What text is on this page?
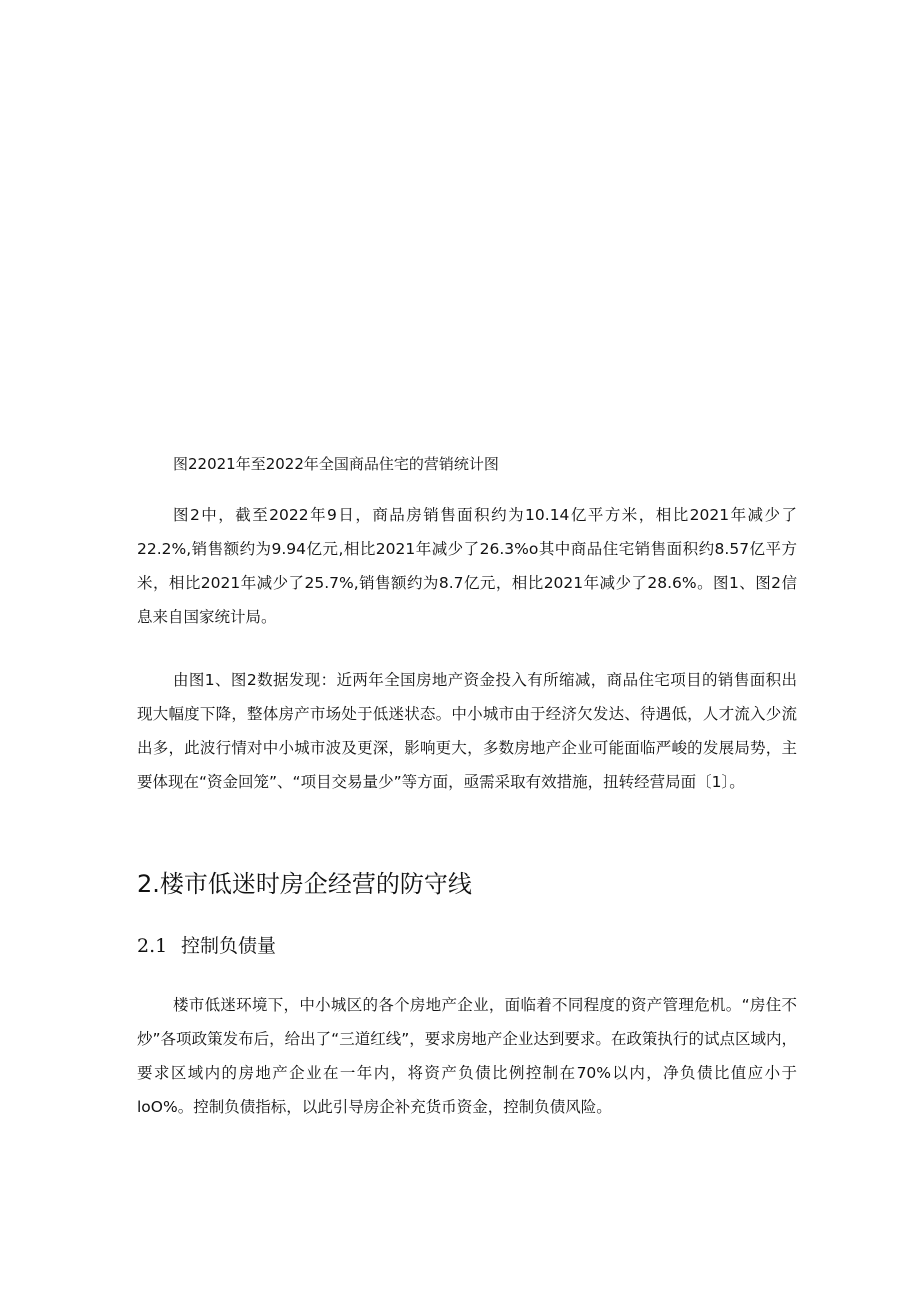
图22021年至2022年全国商品住宅的营销统计图

图2中，截至2022年9日，商品房销售面积约为10.14亿平方米，相比2021年减少了22.2%,销售额约为9.94亿元,相比2021年减少了26.3%o其中商品住宅销售面积约8.57亿平方米，相比2021年减少了25.7%,销售额约为8.7亿元，相比2021年减少了28.6%。图1、图2信息来自国家统计局。

由图1、图2数据发现：近两年全国房地产资金投入有所缩减，商品住宅项目的销售面积出现大幅度下降，整体房产市场处于低迷状态。中小城市由于经济欠发达、待遇低，人才流入少流出多，此波行情对中小城市波及更深，影响更大，多数房地产企业可能面临严峻的发展局势，主要体现在“资金回笼”、“项目交易量少”等方面，亟需采取有效措施，扭转经营局面〔1〕。

2.楼市低迷时房企经营的防守线
2.1 控制负债量

楼市低迷环境下，中小城区的各个房地产企业，面临着不同程度的资产管理危机。“房住不炒”各项政策发布后，给出了“三道红线”，要求房地产企业达到要求。在政策执行的试点区域内，要求区域内的房地产企业在一年内，将资产负债比例控制在70%以内，净负债比值应小于loO%。控制负债指标，以此引导房企补充货币资金，控制负债风险。
